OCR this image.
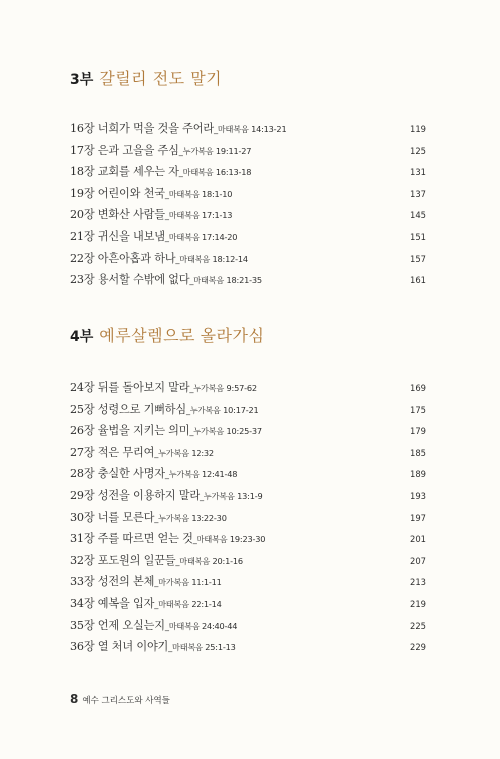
3부 갈릴리 전도 말기
16장 너희가 먹을 것을 주어라 _마태복음 14:13-21	119
17장 은과 고을을 주심 _누가복음 19:11-27	125
18장 교회를 세우는 자 _마태복음 16:13-18	131
19장 어린이와 천국 _마태복음 18:1-10	137
20장 변화산 사람들 _마태복음 17:1-13	145
21장 귀신을 내보냄 _마태복음 17:14-20	151
22장 아흔아홉과 하나 _마태복음 18:12-14	157
23장 용서할 수밖에 없다 _마태복음 18:21-35	161
4부 예루살렘으로 올라가심
24장 뒤를 돌아보지 말라 _누가복음 9:57-62	169
25장 성령으로 기뻐하심 _누가복음 10:17-21	175
26장 율법을 지키는 의미 _누가복음 10:25-37	179
27장 적은 무리여 _누가복음 12:32	185
28장 충실한 사명자 _누가복음 12:41-48	189
29장 성전을 이용하지 말라 _누가복음 13:1-9	193
30장 너를 모른다 _누가복음 13:22-30	197
31장 주를 따르면 얻는 것 _마태복음 19:23-30	201
32장 포도원의 일꾼들 _마태복음 20:1-16	207
33장 성전의 본체 _마가복음 11:1-11	213
34장 예복을 입자 _마태복음 22:1-14	219
35장 언제 오실는지 _마태복음 24:40-44	225
36장 열 처녀 이야기 _마태복음 25:1-13	229
8 예수 그리스도와 사역들
